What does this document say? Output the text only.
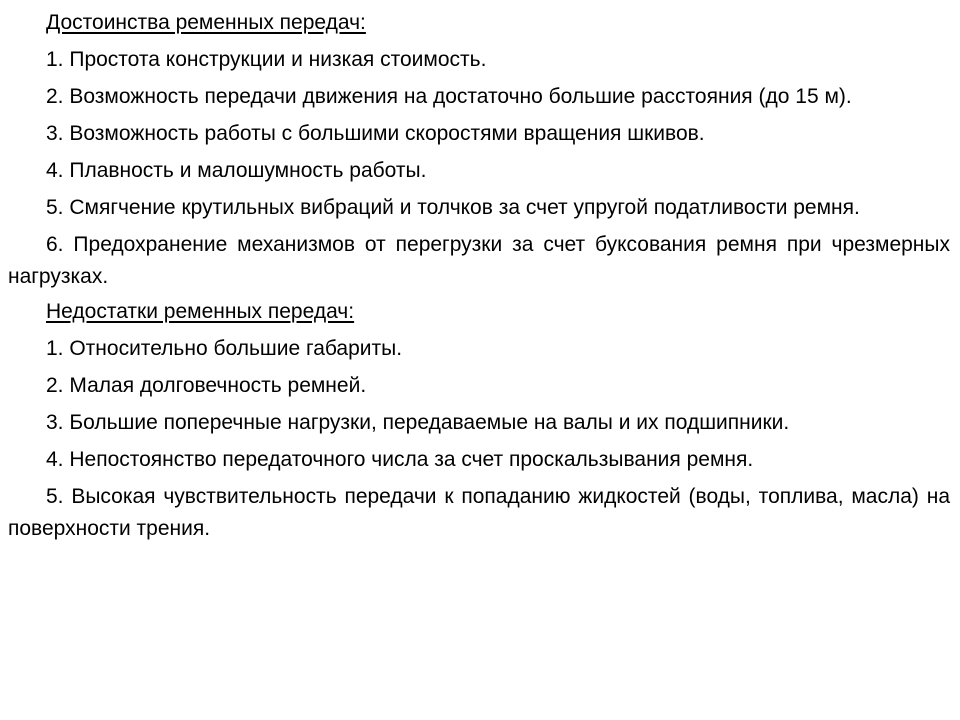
Достоинства ременных передач:
1. Простота конструкции и низкая стоимость.
2. Возможность передачи движения на достаточно большие расстояния (до 15 м).
3. Возможность работы с большими скоростями вращения шкивов.
4. Плавность и малошумность работы.
5. Смягчение крутильных вибраций и толчков за счет упругой податливости ремня.
6. Предохранение механизмов от перегрузки за счет буксования ремня при чрезмерных нагрузках.
Недостатки ременных передач:
1. Относительно большие габариты.
2. Малая долговечность ремней.
3. Большие поперечные нагрузки, передаваемые на валы и их подшипники.
4. Непостоянство передаточного числа за счет проскальзывания ремня.
5. Высокая чувствительность передачи к попаданию жидкостей (воды, топлива, масла) на поверхности трения.
